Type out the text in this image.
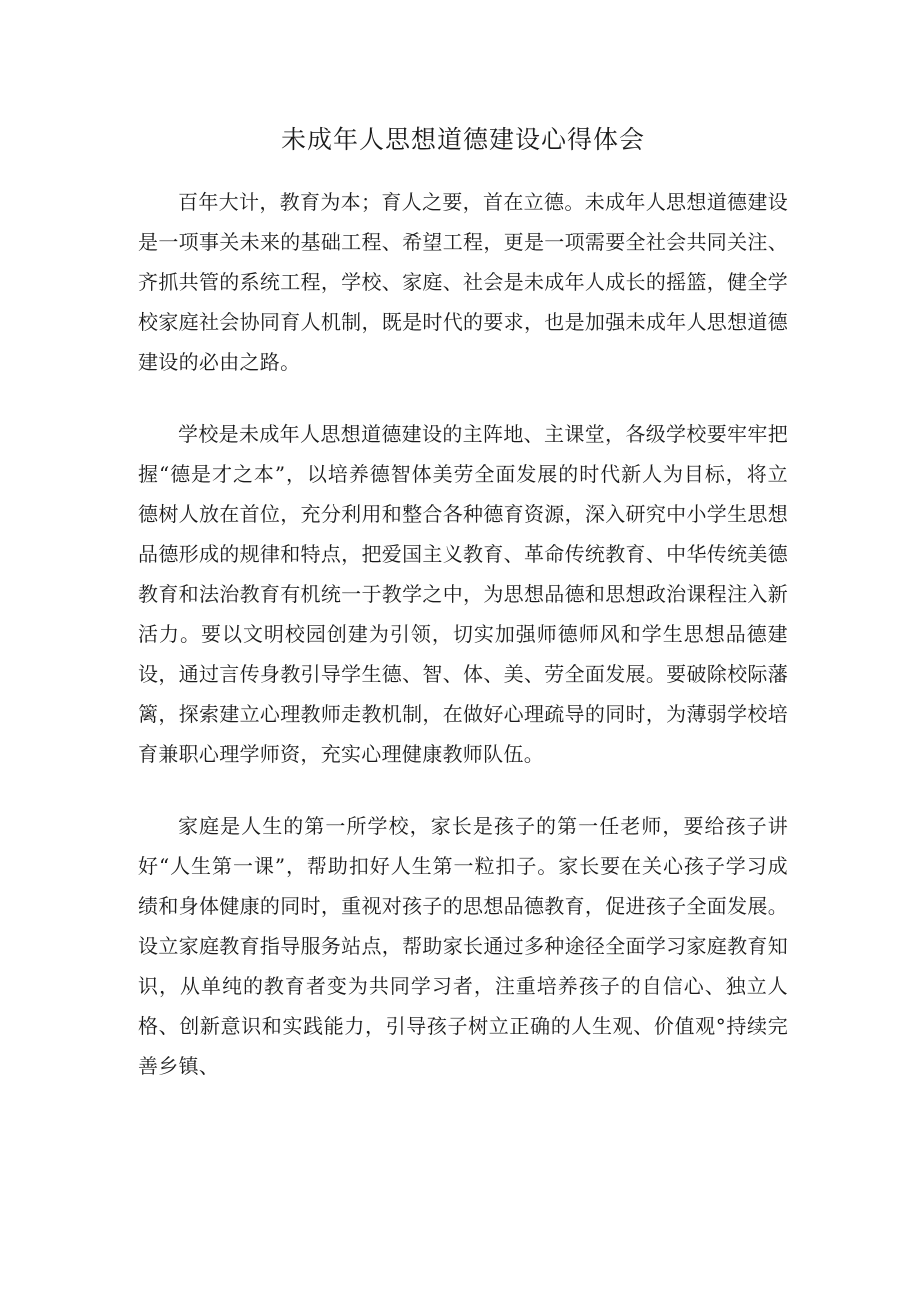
未成年人思想道德建设心得体会

百年大计，教育为本；育人之要，首在立德。未成年人思想道德建设是一项事关未来的基础工程、希望工程，更是一项需要全社会共同关注、齐抓共管的系统工程，学校、家庭、社会是未成年人成长的摇篮，健全学校家庭社会协同育人机制，既是时代的要求，也是加强未成年人思想道德建设的必由之路。

学校是未成年人思想道德建设的主阵地、主课堂，各级学校要牢牢把握“德是才之本”，以培养德智体美劳全面发展的时代新人为目标，将立德树人放在首位，充分利用和整合各种德育资源，深入研究中小学生思想品德形成的规律和特点，把爱国主义教育、革命传统教育、中华传统美德教育和法治教育有机统一于教学之中，为思想品德和思想政治课程注入新活力。要以文明校园创建为引领，切实加强师德师风和学生思想品德建设，通过言传身教引导学生德、智、体、美、劳全面发展。要破除校际藩篱，探索建立心理教师走教机制，在做好心理疏导的同时，为薄弱学校培育兼职心理学师资，充实心理健康教师队伍。

家庭是人生的第一所学校，家长是孩子的第一任老师，要给孩子讲好“人生第一课”，帮助扣好人生第一粒扣子。家长要在关心孩子学习成绩和身体健康的同时，重视对孩子的思想品德教育，促进孩子全面发展。设立家庭教育指导服务站点，帮助家长通过多种途径全面学习家庭教育知识，从单纯的教育者变为共同学习者，注重培养孩子的自信心、独立人格、创新意识和实践能力，引导孩子树立正确的人生观、价值观°持续完善乡镇、
